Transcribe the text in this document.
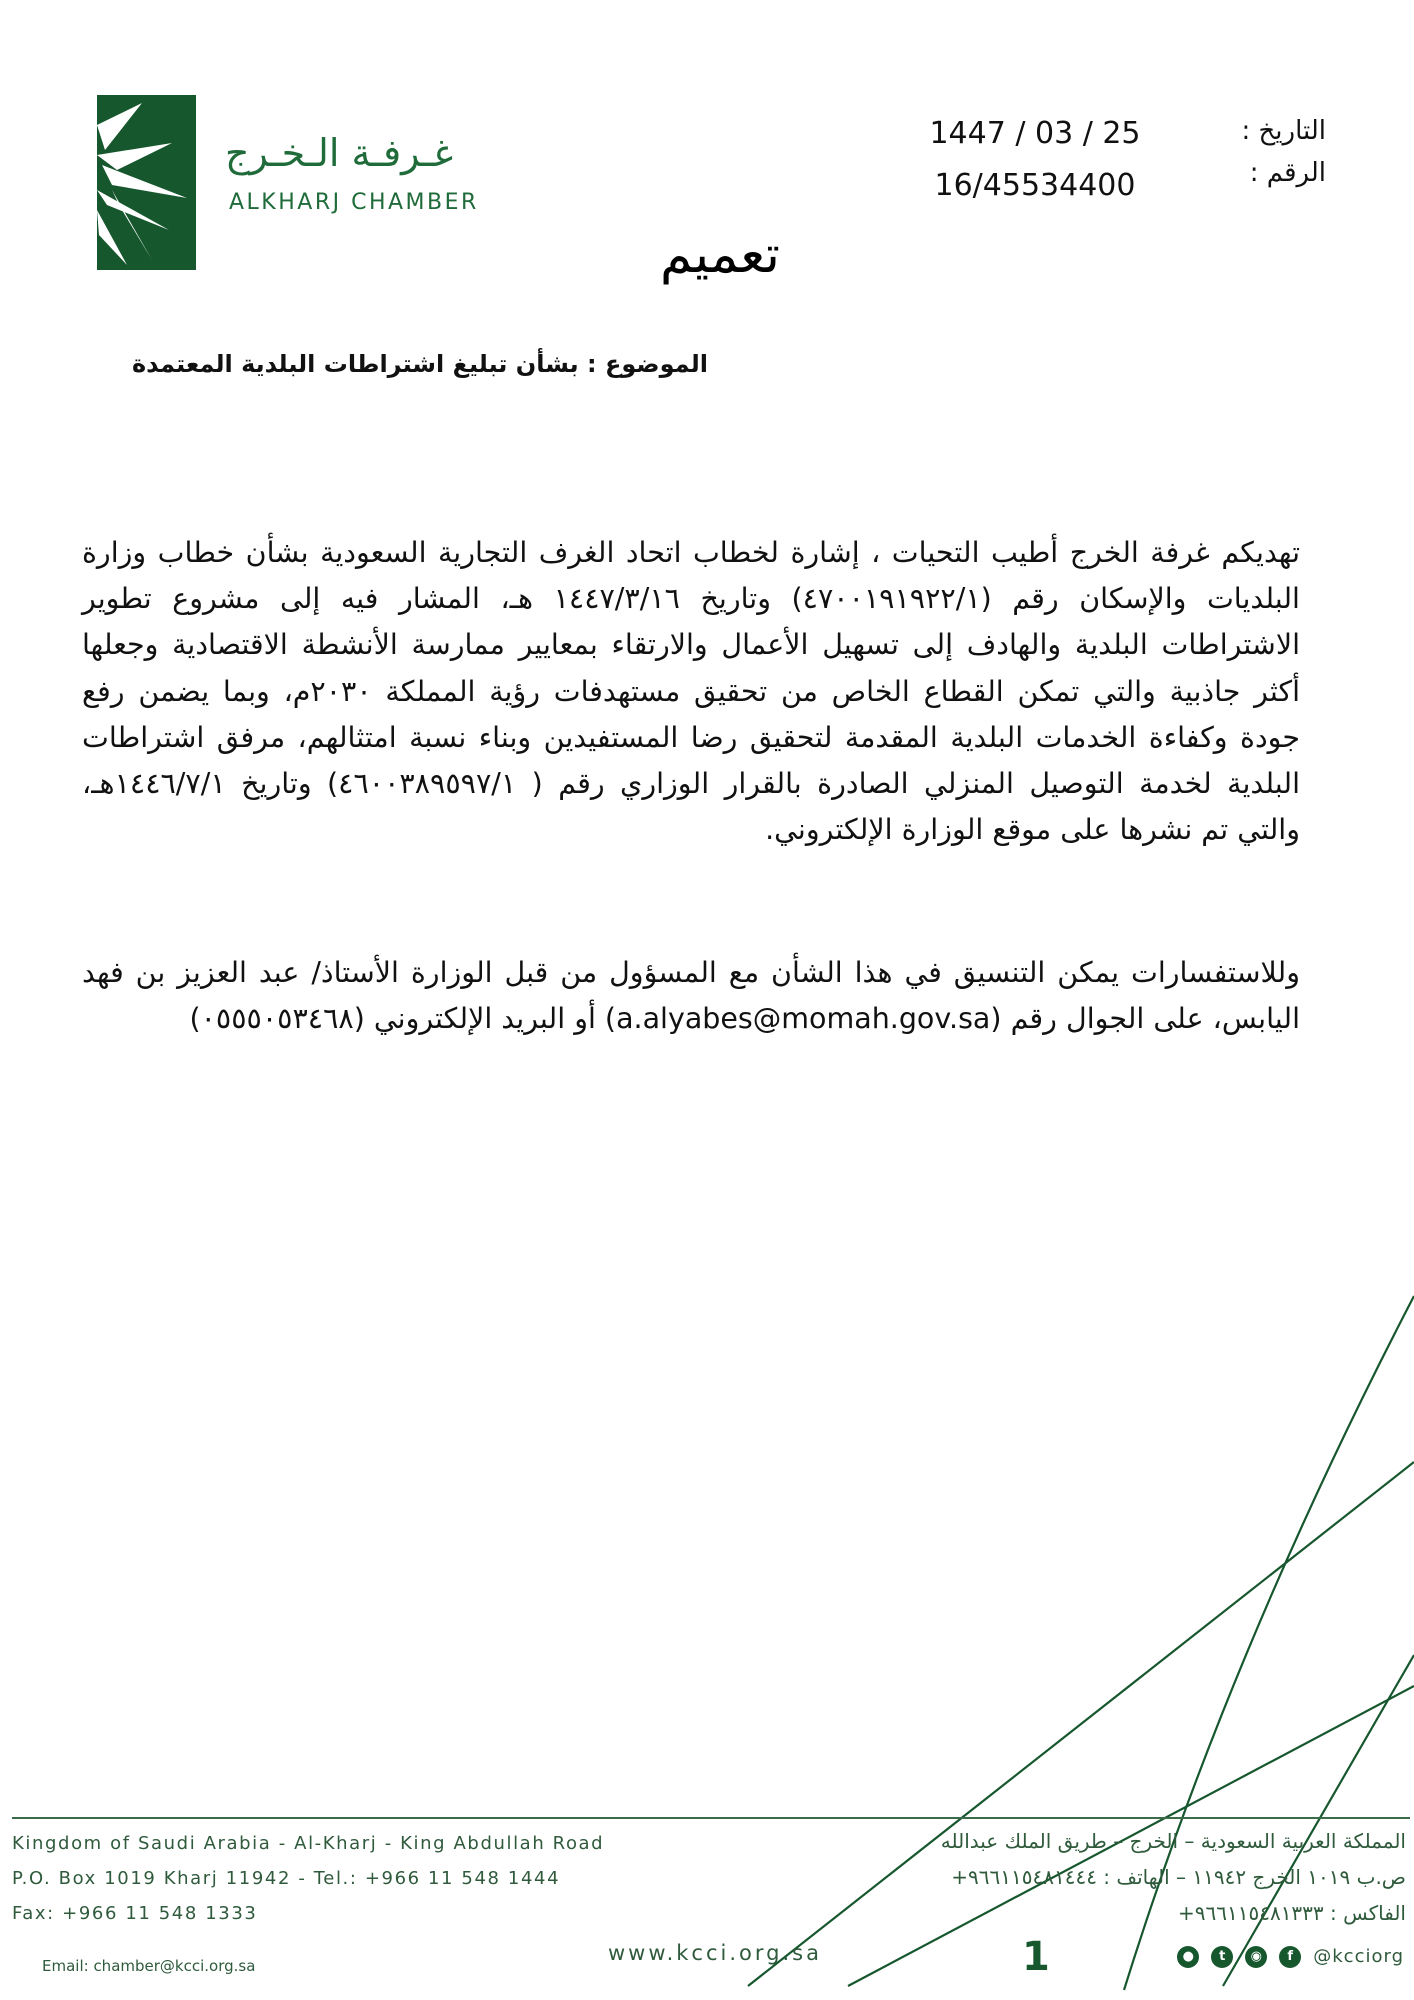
غـرفـة الـخـرج
ALKHARJ CHAMBER
التاريخ :
1447 / 03 / 25
الرقم :
16/45534400
تعميم
الموضوع : بشأن تبليغ اشتراطات البلدية المعتمدة
تهديكم غرفة الخرج أطيب التحيات ، إشارة لخطاب اتحاد الغرف التجارية السعودية بشأن خطاب وزارة البلديات والإسكان رقم (٤٧٠٠١٩١٩٢٢/١) وتاريخ ١٤٤٧/٣/١٦ هـ، المشار فيه إلى مشروع تطوير الاشتراطات البلدية والهادف إلى تسهيل الأعمال والارتقاء بمعايير ممارسة الأنشطة الاقتصادية وجعلها أكثر جاذبية والتي تمكن القطاع الخاص من تحقيق مستهدفات رؤية المملكة ٢٠٣٠م، وبما يضمن رفع جودة وكفاءة الخدمات البلدية المقدمة لتحقيق رضا المستفيدين وبناء نسبة امتثالهم، مرفق اشتراطات البلدية لخدمة التوصيل المنزلي الصادرة بالقرار الوزاري رقم ( ٤٦٠٠٣٨٩٥٩٧/١) وتاريخ ١٤٤٦/٧/١هـ، والتي تم نشرها على موقع الوزارة الإلكتروني.
وللاستفسارات يمكن التنسيق في هذا الشأن مع المسؤول من قبل الوزارة الأستاذ/ عبد العزيز بن فهد اليابس، على الجوال رقم (a.alyabes@momah.gov.sa) أو البريد الإلكتروني (٠٥٥٥٠٥٣٤٦٨)
Kingdom of Saudi Arabia - Al-Kharj - King Abdullah Road
P.O. Box 1019 Kharj 11942 - Tel.: +966 11 548 1444
Fax: +966 11 548 1333
Email: chamber@kcci.org.sa
www.kcci.org.sa
المملكة العربية السعودية – الخرج – طريق الملك عبدالله
ص.ب ١٠١٩ الخرج ١١٩٤٢ – الهاتف : ٩٦٦١١٥٤٨١٤٤٤+
الفاكس : ٩٦٦١١٥٤٨١٣٣٣+
1	●	t	◉	f	@kcciorg
